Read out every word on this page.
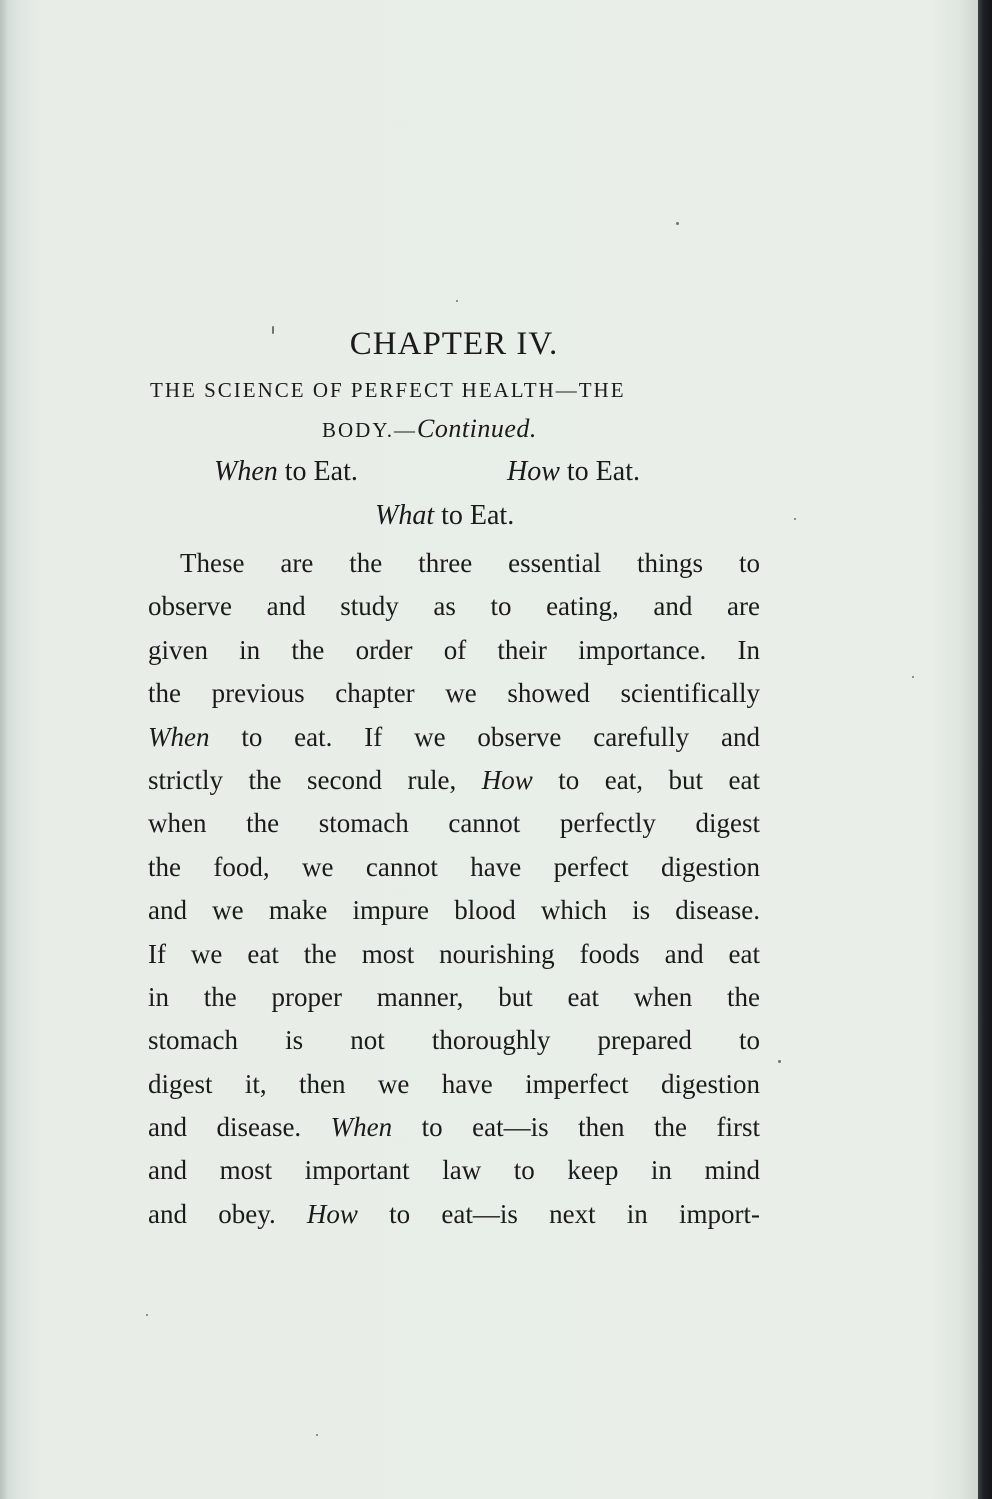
CHAPTER IV.
THE SCIENCE OF PERFECT HEALTH—THE
BODY.—Continued.
When to Eat.	How to Eat.
What to Eat.
These are the three essential things to
observe and study as to eating, and are
given in the order of their importance. In
the previous chapter we showed scientifically
When to eat. If we observe carefully and
strictly the second rule, How to eat, but eat
when the stomach cannot perfectly digest
the food, we cannot have perfect digestion
and we make impure blood which is disease.
If we eat the most nourishing foods and eat
in the proper manner, but eat when the
stomach is not thoroughly prepared to
digest it, then we have imperfect digestion
and disease. When to eat—is then the first
and most important law to keep in mind
and obey. How to eat—is next in import-
